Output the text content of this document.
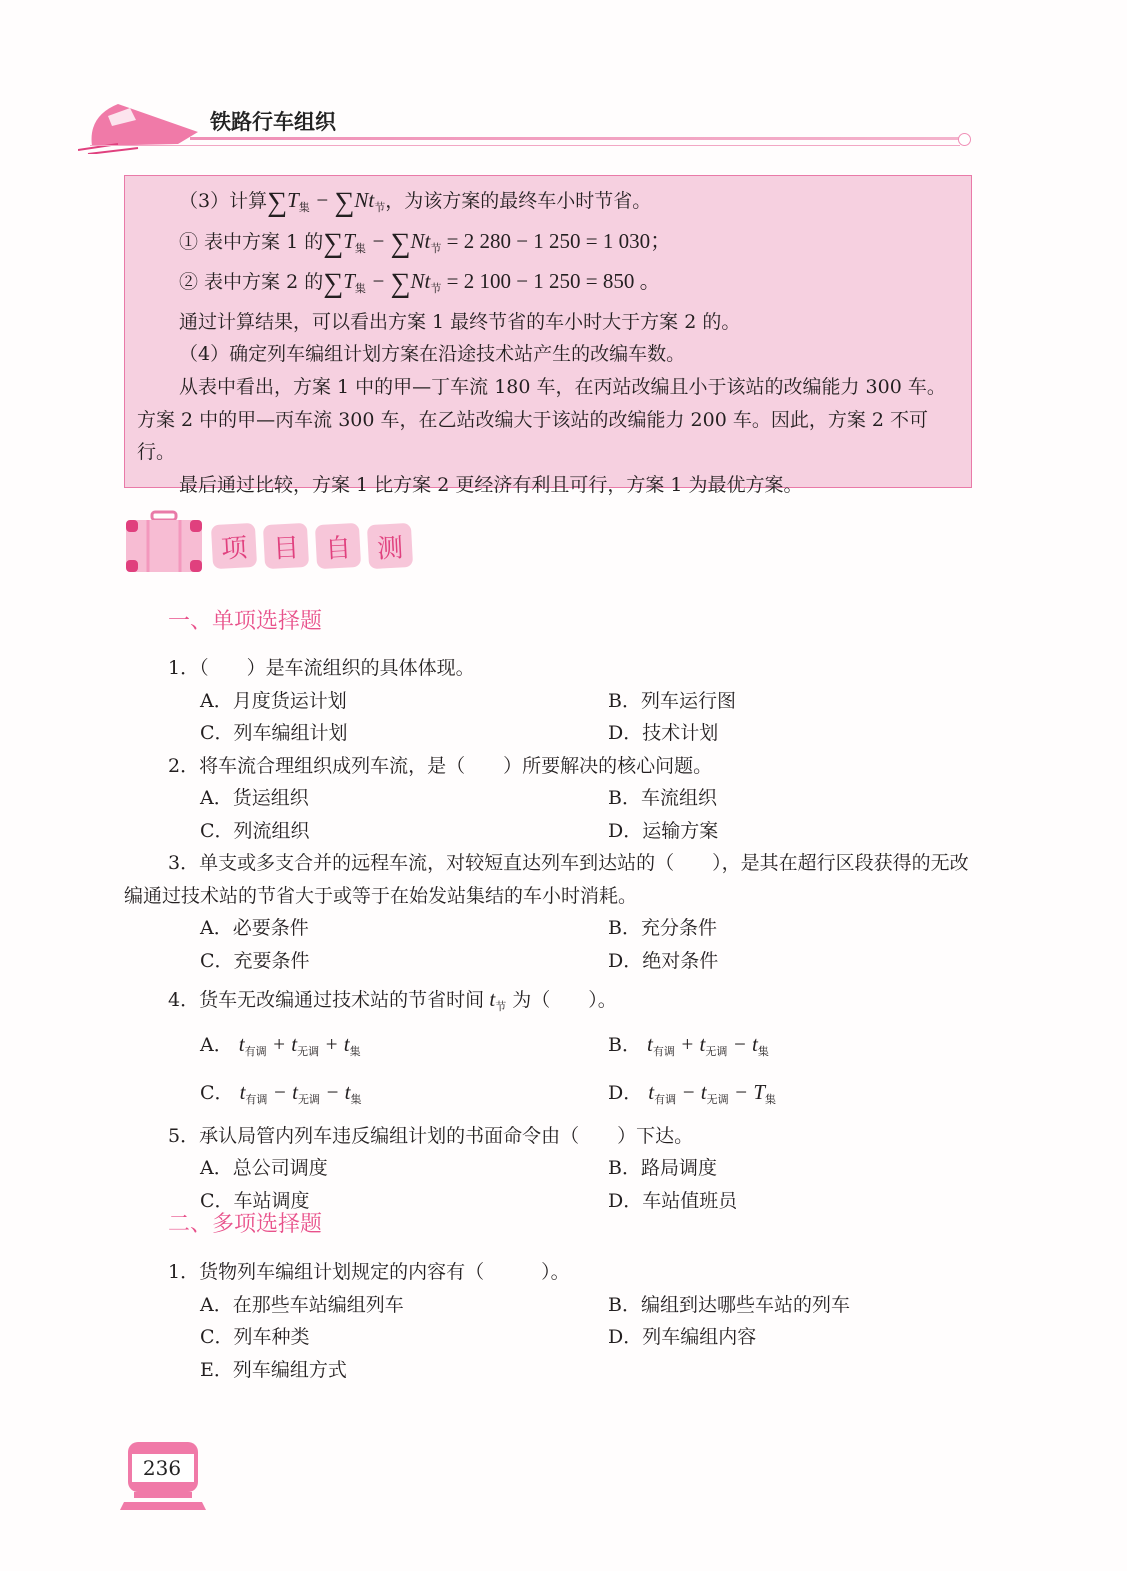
铁路行车组织

（3）计算$\sum T_集 - \sum Nt_节$，为该方案的最终车小时节省。

① 表中方案 1 的$\sum T_集 - \sum Nt_节 = 2$ 280 − 1 250 = 1 030；

② 表中方案 2 的$\sum T_集 - \sum Nt_节 = 2$ 100 − 1 250 = 850 。

通过计算结果，可以看出方案 1 最终节省的车小时大于方案 2 的。

（4）确定列车编组计划方案在沿途技术站产生的改编车数。

从表中看出，方案 1 中的甲—丁车流 180 车，在丙站改编且小于该站的改编能力 300 车。方案 2 中的甲—丙车流 300 车，在乙站改编大于该站的改编能力 200 车。因此，方案 2 不可行。

最后通过比较，方案 1 比方案 2 更经济有利且可行，方案 1 为最优方案。

项 目 自 测
一、单项选择题

1．（　　）是车流组织的具体体现。

A．月度货运计划	B．列车运行图
C．列车编组计划	D．技术计划

2．将车流合理组织成列车流，是（　　）所要解决的核心问题。

A．货运组织	B．车流组织
C．列流组织	D．运输方案

3．单支或多支合并的远程车流，对较短直达列车到达站的（　　），是其在超行区段获得的无改编通过技术站的节省大于或等于在始发站集结的车小时消耗。

A．必要条件	B．充分条件
C．充要条件	D．绝对条件

4．货车无改编通过技术站的节省时间 $t_节$ 为（　　）。

A． $t_{有调} + t_{无调} + t_集$	B． $t_{有调} + t_{无调} - t_集$
C． $t_{有调} - t_{无调} - t_集$	D． $t_{有调} - t_{无调} - T_集$

5．承认局管内列车违反编组计划的书面命令由（　　）下达。

A．总公司调度	B．路局调度
C．车站调度	D．车站值班员
二、多项选择题

1．货物列车编组计划规定的内容有（　　　）。

A．在那些车站编组列车	B．编组到达哪些车站的列车
C．列车种类	D．列车编组内容
E．列车编组方式
236
